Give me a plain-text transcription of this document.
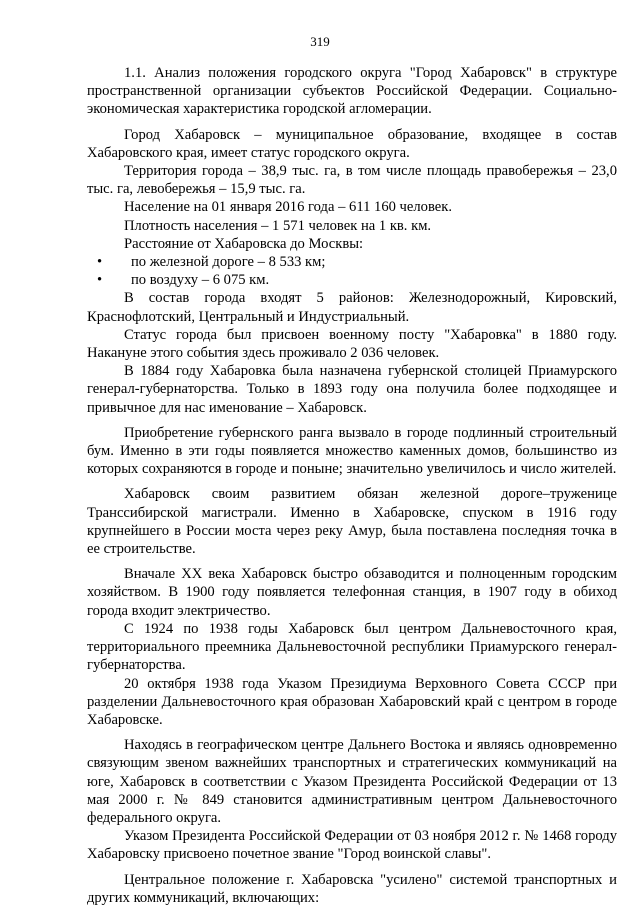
319

1.1. Анализ положения городского округа "Город Хабаровск" в структуре пространственной организации субъектов Российской Федерации. Социально-экономическая характеристика городской агломерации.

Город Хабаровск – муниципальное образование, входящее в состав Хабаровского края, имеет статус городского округа.

Территория города – 38,9 тыс. га, в том числе площадь правобережья – 23,0 тыс. га, левобережья – 15,9 тыс. га.

Население на 01 января 2016 года – 611 160 человек.

Плотность населения – 1 571 человек на 1 кв. км.

Расстояние от Хабаровска до Москвы:

• по железной дороге – 8 533 км;
• по воздуху – 6 075 км.

В состав города входят 5 районов: Железнодорожный, Кировский, Краснофлотский, Центральный и Индустриальный.

Статус города был присвоен военному посту "Хабаровка" в 1880 году. Накануне этого события здесь проживало 2 036 человек.

В 1884 году Хабаровка была назначена губернской столицей Приамурского генерал-губернаторства. Только в 1893 году она получила более подходящее и привычное для нас именование – Хабаровск.

Приобретение губернского ранга вызвало в городе подлинный строительный бум. Именно в эти годы появляется множество каменных домов, большинство из которых сохраняются в городе и поныне; значительно увеличилось и число жителей.

Хабаровск своим развитием обязан железной дороге–труженице Транссибирской магистрали. Именно в Хабаровске, спуском в 1916 году крупнейшего в России моста через реку Амур, была поставлена последняя точка в ее строительстве.

Вначале XX века Хабаровск быстро обзаводится и полноценным городским хозяйством. В 1900 году появляется телефонная станция, в 1907 году в обиход города входит электричество.

С 1924 по 1938 годы Хабаровск был центром Дальневосточного края, территориального преемника Дальневосточной республики Приамурского генерал-губернаторства.

20 октября 1938 года Указом Президиума Верховного Совета СССР при разделении Дальневосточного края образован Хабаровский край с центром в городе Хабаровске.

Находясь в географическом центре Дальнего Востока и являясь одновременно связующим звеном важнейших транспортных и стратегических коммуникаций на юге, Хабаровск в соответствии с Указом Президента Российской Федерации от 13 мая 2000 г. № 849 становится административным центром Дальневосточного федерального округа.

Указом Президента Российской Федерации от 03 ноября 2012 г. № 1468 городу Хабаровску присвоено почетное звание "Город воинской славы".

Центральное положение г. Хабаровска "усилено" системой транспортных и других коммуникаций, включающих:
